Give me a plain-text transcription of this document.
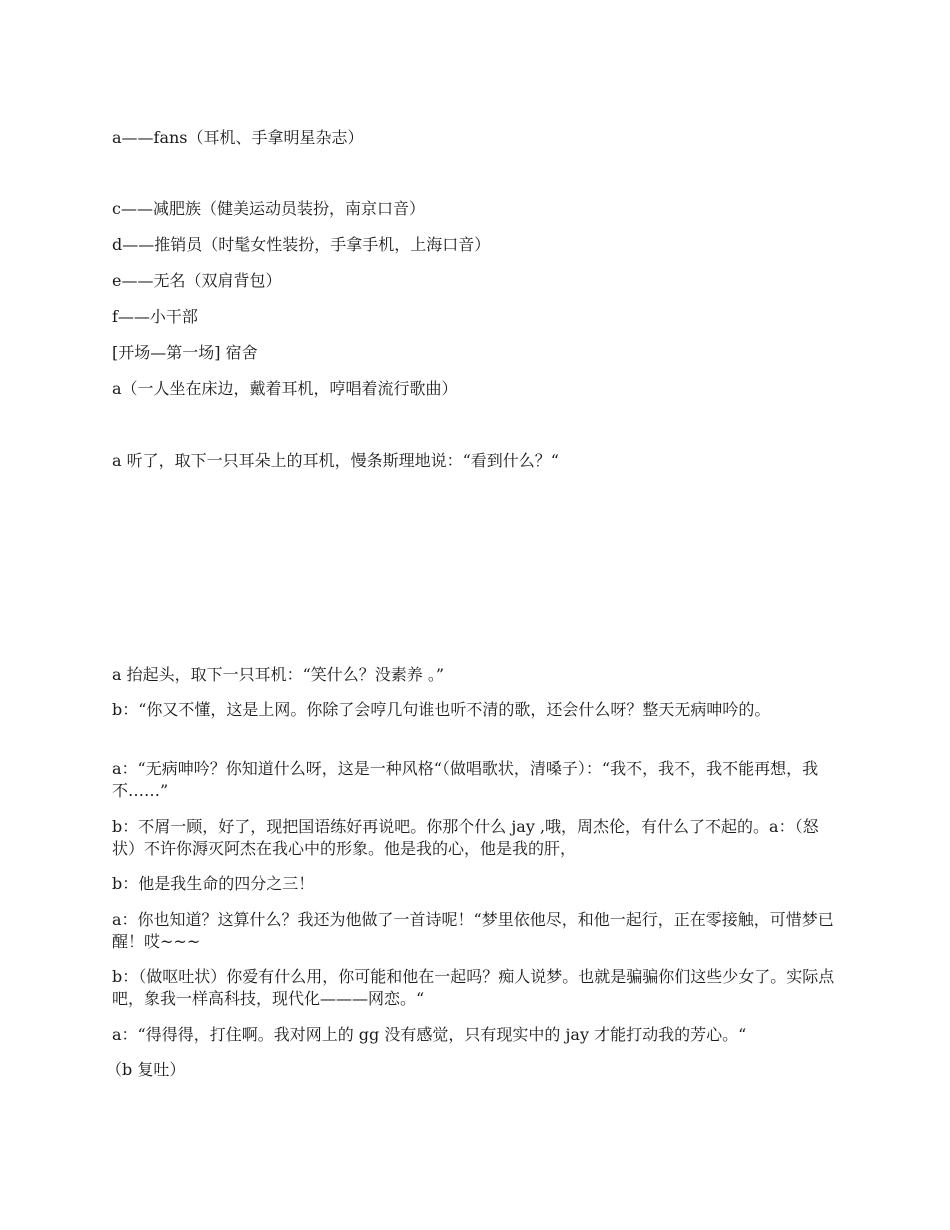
a——fans（耳机、手拿明星杂志）
c——减肥族（健美运动员装扮，南京口音）
d——推销员（时髦女性装扮，手拿手机，上海口音）
e——无名（双肩背包）
f——小干部
[开场—第一场] 宿舍
a（一人坐在床边，戴着耳机，哼唱着流行歌曲）
a 听了，取下一只耳朵上的耳机，慢条斯理地说：“看到什么？“
a 抬起头，取下一只耳机：“笑什么？没素养 。”
b：“你又不懂，这是上网。你除了会哼几句谁也听不清的歌，还会什么呀？整天无病呻吟的。
a：“无病呻吟？你知道什么呀，这是一种风格“（做唱歌状，清嗓子）：“我不，我不，我不能再想，我不……”
b：不屑一顾，好了，现把国语练好再说吧。你那个什么 jay ,哦，周杰伦，有什么了不起的。a：（怒状）不许你溽灭阿杰在我心中的形象。他是我的心，他是我的肝，
b：他是我生命的四分之三！
a：你也知道？这算什么？我还为他做了一首诗呢！“梦里依他尽，和他一起行，正在零接触，可惜梦已醒！哎~~~
b：（做呕吐状）你爱有什么用，你可能和他在一起吗？痴人说梦。也就是骗骗你们这些少女了。实际点吧，象我一样高科技，现代化———网恋。“
a：“得得得，打住啊。我对网上的 gg 没有感觉，只有现实中的 jay 才能打动我的芳心。“
（b 复吐）
